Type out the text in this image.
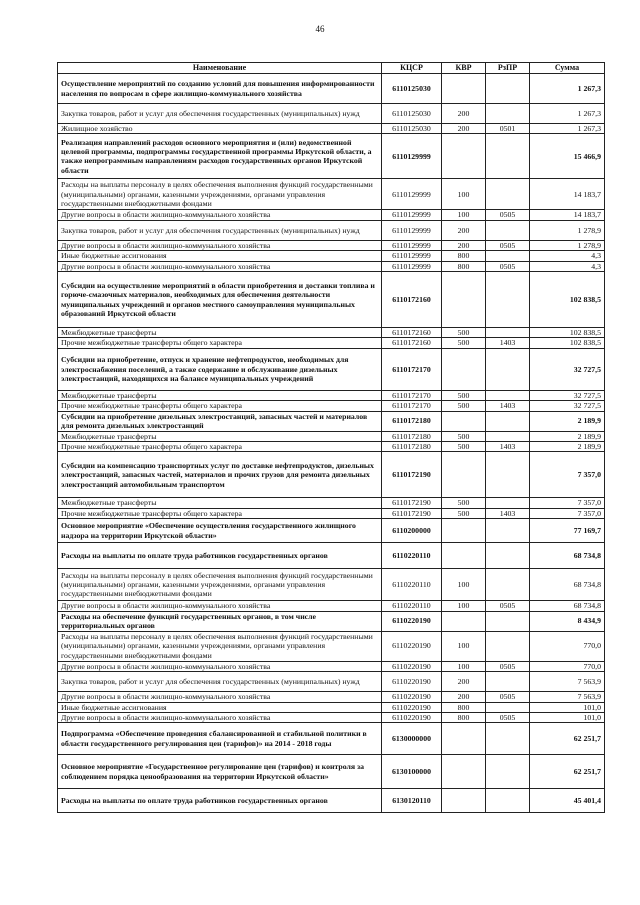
46
Наименование	КЦСР	КВР	РзПР	Сумма
Осуществление мероприятий по созданию условий для повышения информированности населения по вопросам в сфере жилищно-коммунального хозяйства	6110125030			1 267,3
Закупка товаров, работ и услуг для обеспечения государственных (муниципальных) нужд	6110125030	200		1 267,3
Жилищное хозяйство	6110125030	200	0501	1 267,3
Реализация направлений расходов основного мероприятия и (или) ведомственной целевой программы, подпрограммы государственной программы Иркутской области, а также непрограммным направлениям расходов государственных органов Иркутской области	6110129999			15 466,9
Расходы на выплаты персоналу в целях обеспечения выполнения функций государственными (муниципальными) органами, казенными учреждениями, органами управления государственными внебюджетными фондами	6110129999	100		14 183,7
Другие вопросы в области жилищно-коммунального хозяйства	6110129999	100	0505	14 183,7
Закупка товаров, работ и услуг для обеспечения государственных (муниципальных) нужд	6110129999	200		1 278,9
Другие вопросы в области жилищно-коммунального хозяйства	6110129999	200	0505	1 278,9
Иные бюджетные ассигнования	6110129999	800		4,3
Другие вопросы в области жилищно-коммунального хозяйства	6110129999	800	0505	4,3
Субсидии на осуществление мероприятий в области приобретения и доставки топлива и горюче-смазочных материалов, необходимых для обеспечения деятельности муниципальных учреждений и органов местного самоуправления муниципальных образований Иркутской области	6110172160			102 838,5
Межбюджетные трансферты	6110172160	500		102 838,5
Прочие межбюджетные трансферты общего характера	6110172160	500	1403	102 838,5
Субсидии на приобретение, отпуск и хранение нефтепродуктов, необходимых для электроснабжения поселений, а также содержание и обслуживание дизельных электростанций, находящихся на балансе муниципальных учреждений	6110172170			32 727,5
Межбюджетные трансферты	6110172170	500		32 727,5
Прочие межбюджетные трансферты общего характера	6110172170	500	1403	32 727,5
Субсидии на приобретение дизельных электростанций, запасных частей и материалов для ремонта дизельных электростанций	6110172180			2 189,9
Межбюджетные трансферты	6110172180	500		2 189,9
Прочие межбюджетные трансферты общего характера	6110172180	500	1403	2 189,9
Субсидии на компенсацию транспортных услуг по доставке нефтепродуктов, дизельных электростанций, запасных частей, материалов и прочих грузов для ремонта дизельных электростанций автомобильным транспортом	6110172190			7 357,0
Межбюджетные трансферты	6110172190	500		7 357,0
Прочие межбюджетные трансферты общего характера	6110172190	500	1403	7 357,0
Основное мероприятие «Обеспечение осуществления государственного жилищного надзора на территории Иркутской области»	6110200000			77 169,7
Расходы на выплаты по оплате труда работников государственных органов	6110220110			68 734,8
Расходы на выплаты персоналу в целях обеспечения выполнения функций государственными (муниципальными) органами, казенными учреждениями, органами управления государственными внебюджетными фондами	6110220110	100		68 734,8
Другие вопросы в области жилищно-коммунального хозяйства	6110220110	100	0505	68 734,8
Расходы на обеспечение функций государственных органов, в том числе территориальных органов	6110220190			8 434,9
Расходы на выплаты персоналу в целях обеспечения выполнения функций государственными (муниципальными) органами, казенными учреждениями, органами управления государственными внебюджетными фондами	6110220190	100		770,0
Другие вопросы в области жилищно-коммунального хозяйства	6110220190	100	0505	770,0
Закупка товаров, работ и услуг для обеспечения государственных (муниципальных) нужд	6110220190	200		7 563,9
Другие вопросы в области жилищно-коммунального хозяйства	6110220190	200	0505	7 563,9
Иные бюджетные ассигнования	6110220190	800		101,0
Другие вопросы в области жилищно-коммунального хозяйства	6110220190	800	0505	101,0
Подпрограмма «Обеспечение проведения сбалансированной и стабильной политики в области государственного регулирования цен (тарифов)» на 2014 - 2018 годы	6130000000			62 251,7
Основное мероприятие «Государственное регулирование цен (тарифов) и контроля за соблюдением порядка ценообразования на территории Иркутской области»	6130100000			62 251,7
Расходы на выплаты по оплате труда работников государственных органов	6130120110			45 401,4
